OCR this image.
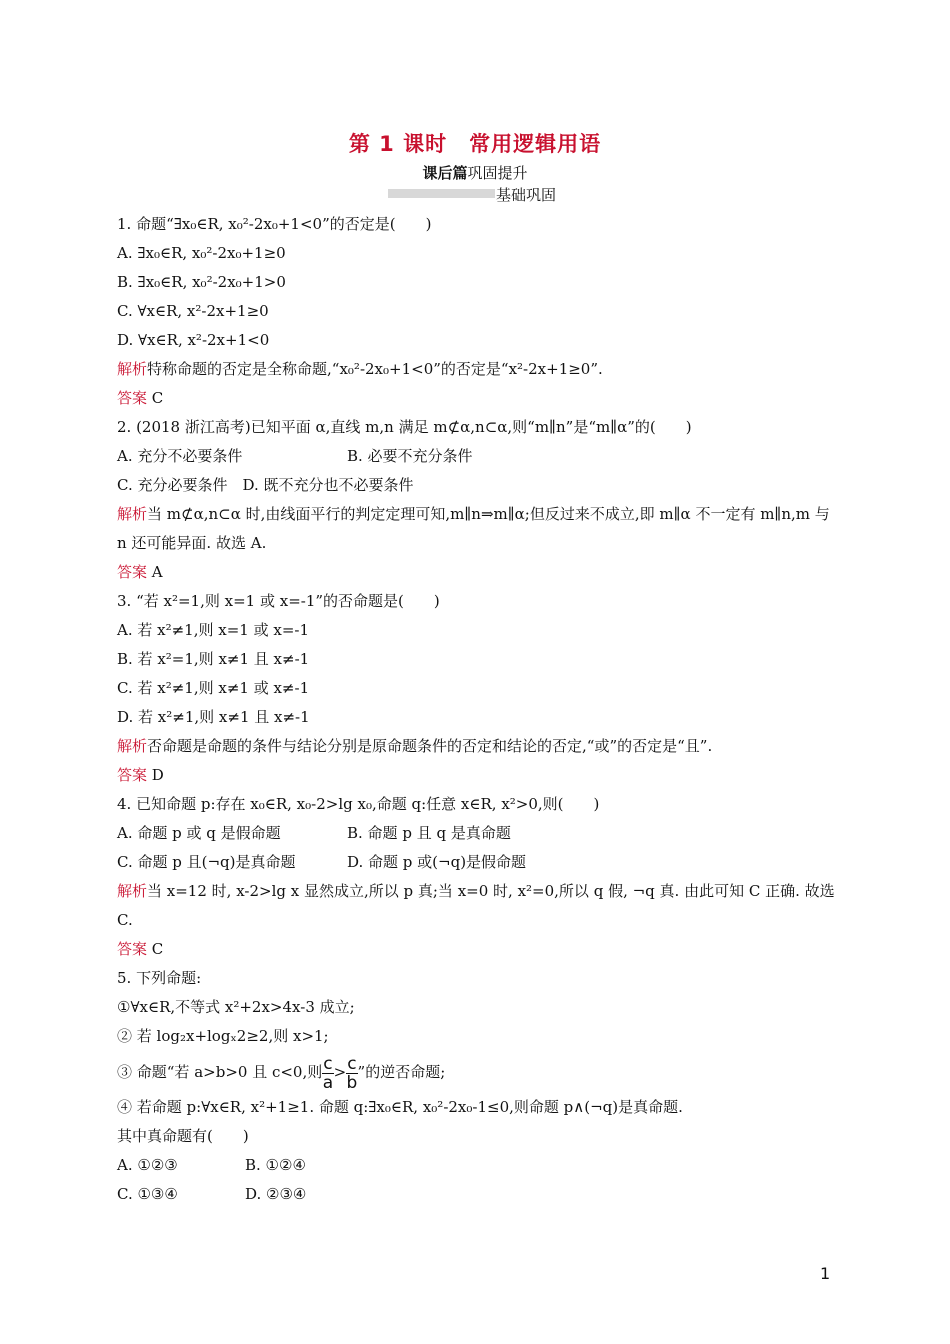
第 1 课时　常用逻辑用语
课后篇巩固提升
基础巩固
1. 命题“∃x₀∈R, x₀²-2x₀+1<0”的否定是(　　)
A. ∃x₀∈R, x₀²-2x₀+1≥0
B. ∃x₀∈R, x₀²-2x₀+1>0
C. ∀x∈R, x²-2x+1≥0
D. ∀x∈R, x²-2x+1<0
解析特称命题的否定是全称命题,“x₀²-2x₀+1<0”的否定是“x²-2x+1≥0”.
答案 C
2. (2018 浙江高考)已知平面 α,直线 m,n 满足 m⊄α,n⊂α,则“m∥n”是“m∥α”的(　　)
A. 充分不必要条件	B. 必要不充分条件
C. 充分必要条件　D. 既不充分也不必要条件
解析当 m⊄α,n⊂α 时,由线面平行的判定定理可知,m∥n⇒m∥α;但反过来不成立,即 m∥α 不一定有 m∥n,m 与 n 还可能异面. 故选 A.
答案 A
3. “若 x²=1,则 x=1 或 x=-1”的否命题是(　　)
A. 若 x²≠1,则 x=1 或 x=-1
B. 若 x²=1,则 x≠1 且 x≠-1
C. 若 x²≠1,则 x≠1 或 x≠-1
D. 若 x²≠1,则 x≠1 且 x≠-1
解析否命题是命题的条件与结论分别是原命题条件的否定和结论的否定,“或”的否定是“且”.
答案 D
4. 已知命题 p:存在 x₀∈R, x₀-2>lg x₀,命题 q:任意 x∈R, x²>0,则(　　)
A. 命题 p 或 q 是假命题	B. 命题 p 且 q 是真命题
C. 命题 p 且(¬q)是真命题	D. 命题 p 或(¬q)是假命题
解析当 x=12 时, x-2>lg x 显然成立,所以 p 真;当 x=0 时, x²=0,所以 q 假, ¬q 真. 由此可知 C 正确. 故选 C.
答案 C
5. 下列命题:
①∀x∈R,不等式 x²+2x>4x-3 成立;
② 若 log₂x+logₓ2≥2,则 x>1;
③ 命题“若 a>b>0 且 c<0,则 $\frac{c}{a} > \frac{c}{b}$ ”的逆否命题;
④ 若命题 p:∀x∈R, x²+1≥1. 命题 q:∃x₀∈R, x₀²-2x₀-1≤0,则命题 p∧(¬q)是真命题.
其中真命题有(　　)
A. ①②③	B. ①②④
C. ①③④	D. ②③④
1
